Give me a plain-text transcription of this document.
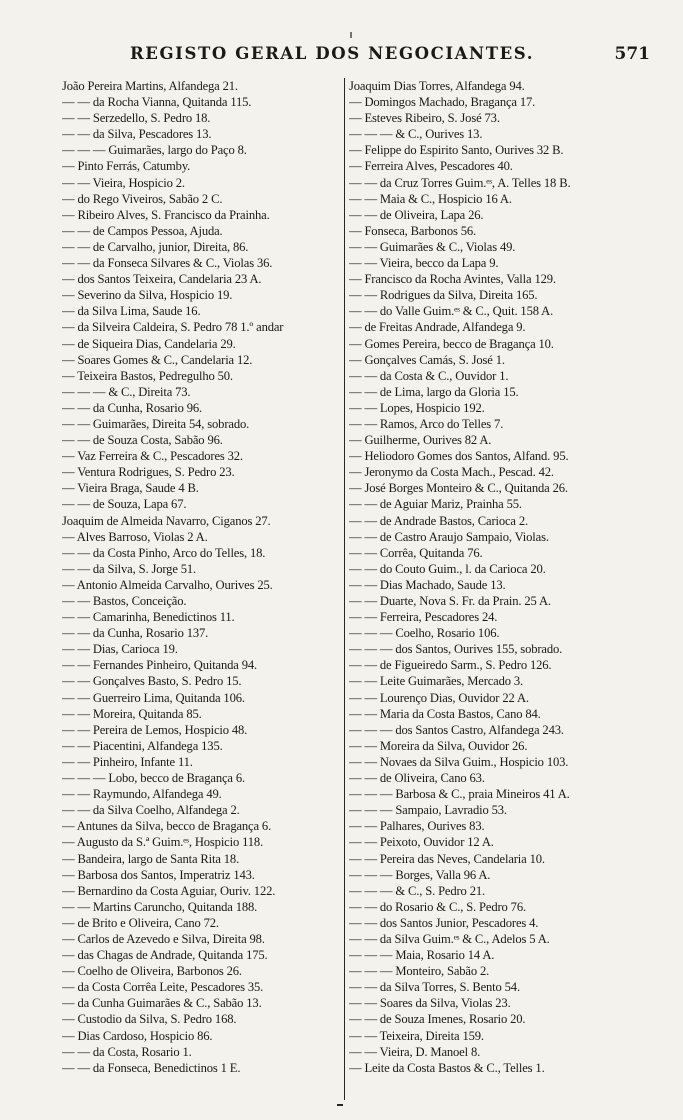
REGISTO GERAL DOS NEGOCIANTES.	571
João Pereira Martins, Alfandega 21.
— — da Rocha Vianna, Quitanda 115.
— — Serzedello, S. Pedro 18.
— — da Silva, Pescadores 13.
— — — Guimarães, largo do Paço 8.
— Pinto Ferrás, Catumby.
— — Vieira, Hospicio 2.
— do Rego Viveiros, Sabão 2 C.
— Ribeiro Alves, S. Francisco da Prainha.
— — de Campos Pessoa, Ajuda.
— — de Carvalho, junior, Direita, 86.
— — da Fonseca Silvares & C., Violas 36.
— dos Santos Teixeira, Candelaria 23 A.
— Severino da Silva, Hospicio 19.
— da Silva Lima, Saude 16.
— da Silveira Caldeira, S. Pedro 78 1.º andar
— de Siqueira Dias, Candelaria 29.
— Soares Gomes & C., Candelaria 12.
— Teixeira Bastos, Pedregulho 50.
— — — & C., Direita 73.
— — da Cunha, Rosario 96.
— — Guimarães, Direita 54, sobrado.
— — de Souza Costa, Sabão 96.
— Vaz Ferreira & C., Pescadores 32.
— Ventura Rodrigues, S. Pedro 23.
— Vieira Braga, Saude 4 B.
— — de Souza, Lapa 67.
Joaquim de Almeida Navarro, Ciganos 27.
— Alves Barroso, Violas 2 A.
— — da Costa Pinho, Arco do Telles, 18.
— — da Silva, S. Jorge 51.
— Antonio Almeida Carvalho, Ourives 25.
— — Bastos, Conceição.
— — Camarinha, Benedictinos 11.
— — da Cunha, Rosario 137.
— — Dias, Carioca 19.
— — Fernandes Pinheiro, Quitanda 94.
— — Gonçalves Basto, S. Pedro 15.
— — Guerreiro Lima, Quitanda 106.
— — Moreira, Quitanda 85.
— — Pereira de Lemos, Hospicio 48.
— — Piacentini, Alfandega 135.
— — Pinheiro, Infante 11.
— — — Lobo, becco de Bragança 6.
— — Raymundo, Alfandega 49.
— — da Silva Coelho, Alfandega 2.
— Antunes da Silva, becco de Bragança 6.
— Augusto da S.ª Guim.ᵉˢ, Hospicio 118.
— Bandeira, largo de Santa Rita 18.
— Barbosa dos Santos, Imperatriz 143.
— Bernardino da Costa Aguiar, Ouriv. 122.
— — Martins Caruncho, Quitanda 188.
— de Brito e Oliveira, Cano 72.
— Carlos de Azevedo e Silva, Direita 98.
— das Chagas de Andrade, Quitanda 175.
— Coelho de Oliveira, Barbonos 26.
— da Costa Corrêa Leite, Pescadores 35.
— da Cunha Guimarães & C., Sabão 13.
— Custodio da Silva, S. Pedro 168.
— Dias Cardoso, Hospicio 86.
— — da Costa, Rosario 1.
— — da Fonseca, Benedictinos 1 E.
Joaquim Dias Torres, Alfandega 94.
— Domingos Machado, Bragança 17.
— Esteves Ribeiro, S. José 73.
— — — & C., Ourives 13.
— Felippe do Espirito Santo, Ourives 32 B.
— Ferreira Alves, Pescadores 40.
— — da Cruz Torres Guim.ᵉˢ, A. Telles 18 B.
— — Maia & C., Hospicio 16 A.
— — de Oliveira, Lapa 26.
— Fonseca, Barbonos 56.
— — Guimarães & C., Violas 49.
— — Vieira, becco da Lapa 9.
— Francisco da Rocha Avintes, Valla 129.
— — Rodrigues da Silva, Direita 165.
— — do Valle Guim.ᵉˢ & C., Quit. 158 A.
— de Freitas Andrade, Alfandega 9.
— Gomes Pereira, becco de Bragança 10.
— Gonçalves Camás, S. José 1.
— — da Costa & C., Ouvidor 1.
— — de Lima, largo da Gloria 15.
— — Lopes, Hospicio 192.
— — Ramos, Arco do Telles 7.
— Guilherme, Ourives 82 A.
— Heliodoro Gomes dos Santos, Alfand. 95.
— Jeronymo da Costa Mach., Pescad. 42.
— José Borges Monteiro & C., Quitanda 26.
— — de Aguiar Mariz, Prainha 55.
— — de Andrade Bastos, Carioca 2.
— — de Castro Araujo Sampaio, Violas.
— — Corrêa, Quitanda 76.
— — do Couto Guim., l. da Carioca 20.
— — Dias Machado, Saude 13.
— — Duarte, Nova S. Fr. da Prain. 25 A.
— — Ferreira, Pescadores 24.
— — — Coelho, Rosario 106.
— — — dos Santos, Ourives 155, sobrado.
— — de Figueiredo Sarm., S. Pedro 126.
— — Leite Guimarães, Mercado 3.
— — Lourenço Dias, Ouvidor 22 A.
— — Maria da Costa Bastos, Cano 84.
— — — dos Santos Castro, Alfandega 243.
— — Moreira da Silva, Ouvidor 26.
— — Novaes da Silva Guim., Hospicio 103.
— — de Oliveira, Cano 63.
— — — Barbosa & C., praia Mineiros 41 A.
— — — Sampaio, Lavradio 53.
— — Palhares, Ourives 83.
— — Peixoto, Ouvidor 12 A.
— — Pereira das Neves, Candelaria 10.
— — — Borges, Valla 96 A.
— — — & C., S. Pedro 21.
— — do Rosario & C., S. Pedro 76.
— — dos Santos Junior, Pescadores 4.
— — da Silva Guim.ᵉˢ & C., Adelos 5 A.
— — — Maia, Rosario 14 A.
— — — Monteiro, Sabão 2.
— — da Silva Torres, S. Bento 54.
— — Soares da Silva, Violas 23.
— — de Souza Imenes, Rosario 20.
— — Teixeira, Direita 159.
— — Vieira, D. Manoel 8.
— Leite da Costa Bastos & C., Telles 1.
